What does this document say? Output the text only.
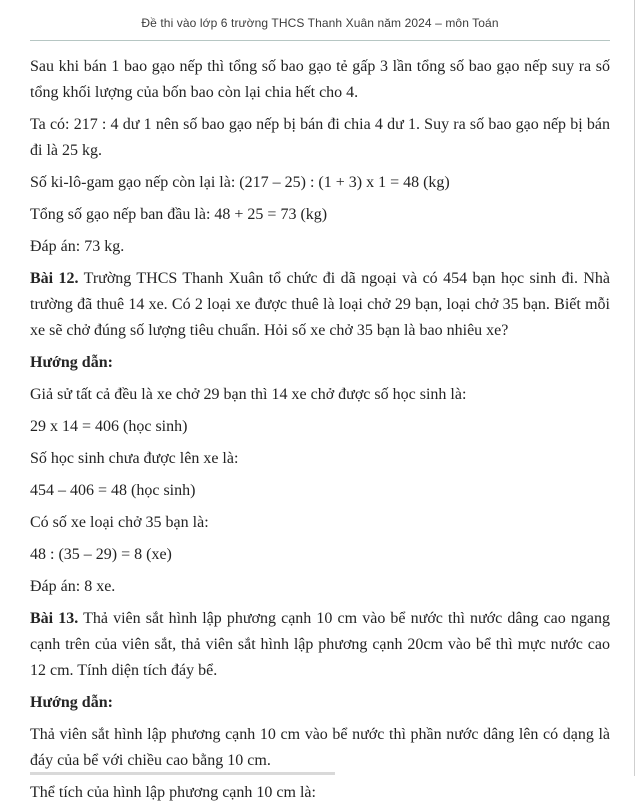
Đề thi vào lớp 6 trường THCS Thanh Xuân năm 2024 – môn Toán

Sau khi bán 1 bao gạo nếp thì tổng số bao gạo tẻ gấp 3 lần tổng số bao gạo nếp suy ra số tổng khối lượng của bốn bao còn lại chia hết cho 4.

Ta có: 217 : 4 dư 1 nên số bao gạo nếp bị bán đi chia 4 dư 1. Suy ra số bao gạo nếp bị bán đi là 25 kg.

Số ki-lô-gam gạo nếp còn lại là: (217 – 25) : (1 + 3) x 1 = 48 (kg)

Tổng số gạo nếp ban đầu là: 48 + 25 = 73 (kg)

Đáp án: 73 kg.

Bài 12. Trường THCS Thanh Xuân tổ chức đi dã ngoại và có 454 bạn học sinh đi. Nhà trường đã thuê 14 xe. Có 2 loại xe được thuê là loại chở 29 bạn, loại chở 35 bạn. Biết mỗi xe sẽ chở đúng số lượng tiêu chuẩn. Hỏi số xe chở 35 bạn là bao nhiêu xe?

Hướng dẫn:

Giả sử tất cả đều là xe chở 29 bạn thì 14 xe chở được số học sinh là:

29 x 14 = 406 (học sinh)

Số học sinh chưa được lên xe là:

454 – 406 = 48 (học sinh)

Có số xe loại chở 35 bạn là:

48 : (35 – 29) = 8 (xe)

Đáp án: 8 xe.

Bài 13. Thả viên sắt hình lập phương cạnh 10 cm vào bể nước thì nước dâng cao ngang cạnh trên của viên sắt, thả viên sắt hình lập phương cạnh 20cm vào bể thì mực nước cao 12 cm. Tính diện tích đáy bể.

Hướng dẫn:

Thả viên sắt hình lập phương cạnh 10 cm vào bể nước thì phần nước dâng lên có dạng là đáy của bể với chiều cao bằng 10 cm.

Thể tích của hình lập phương cạnh 10 cm là:
